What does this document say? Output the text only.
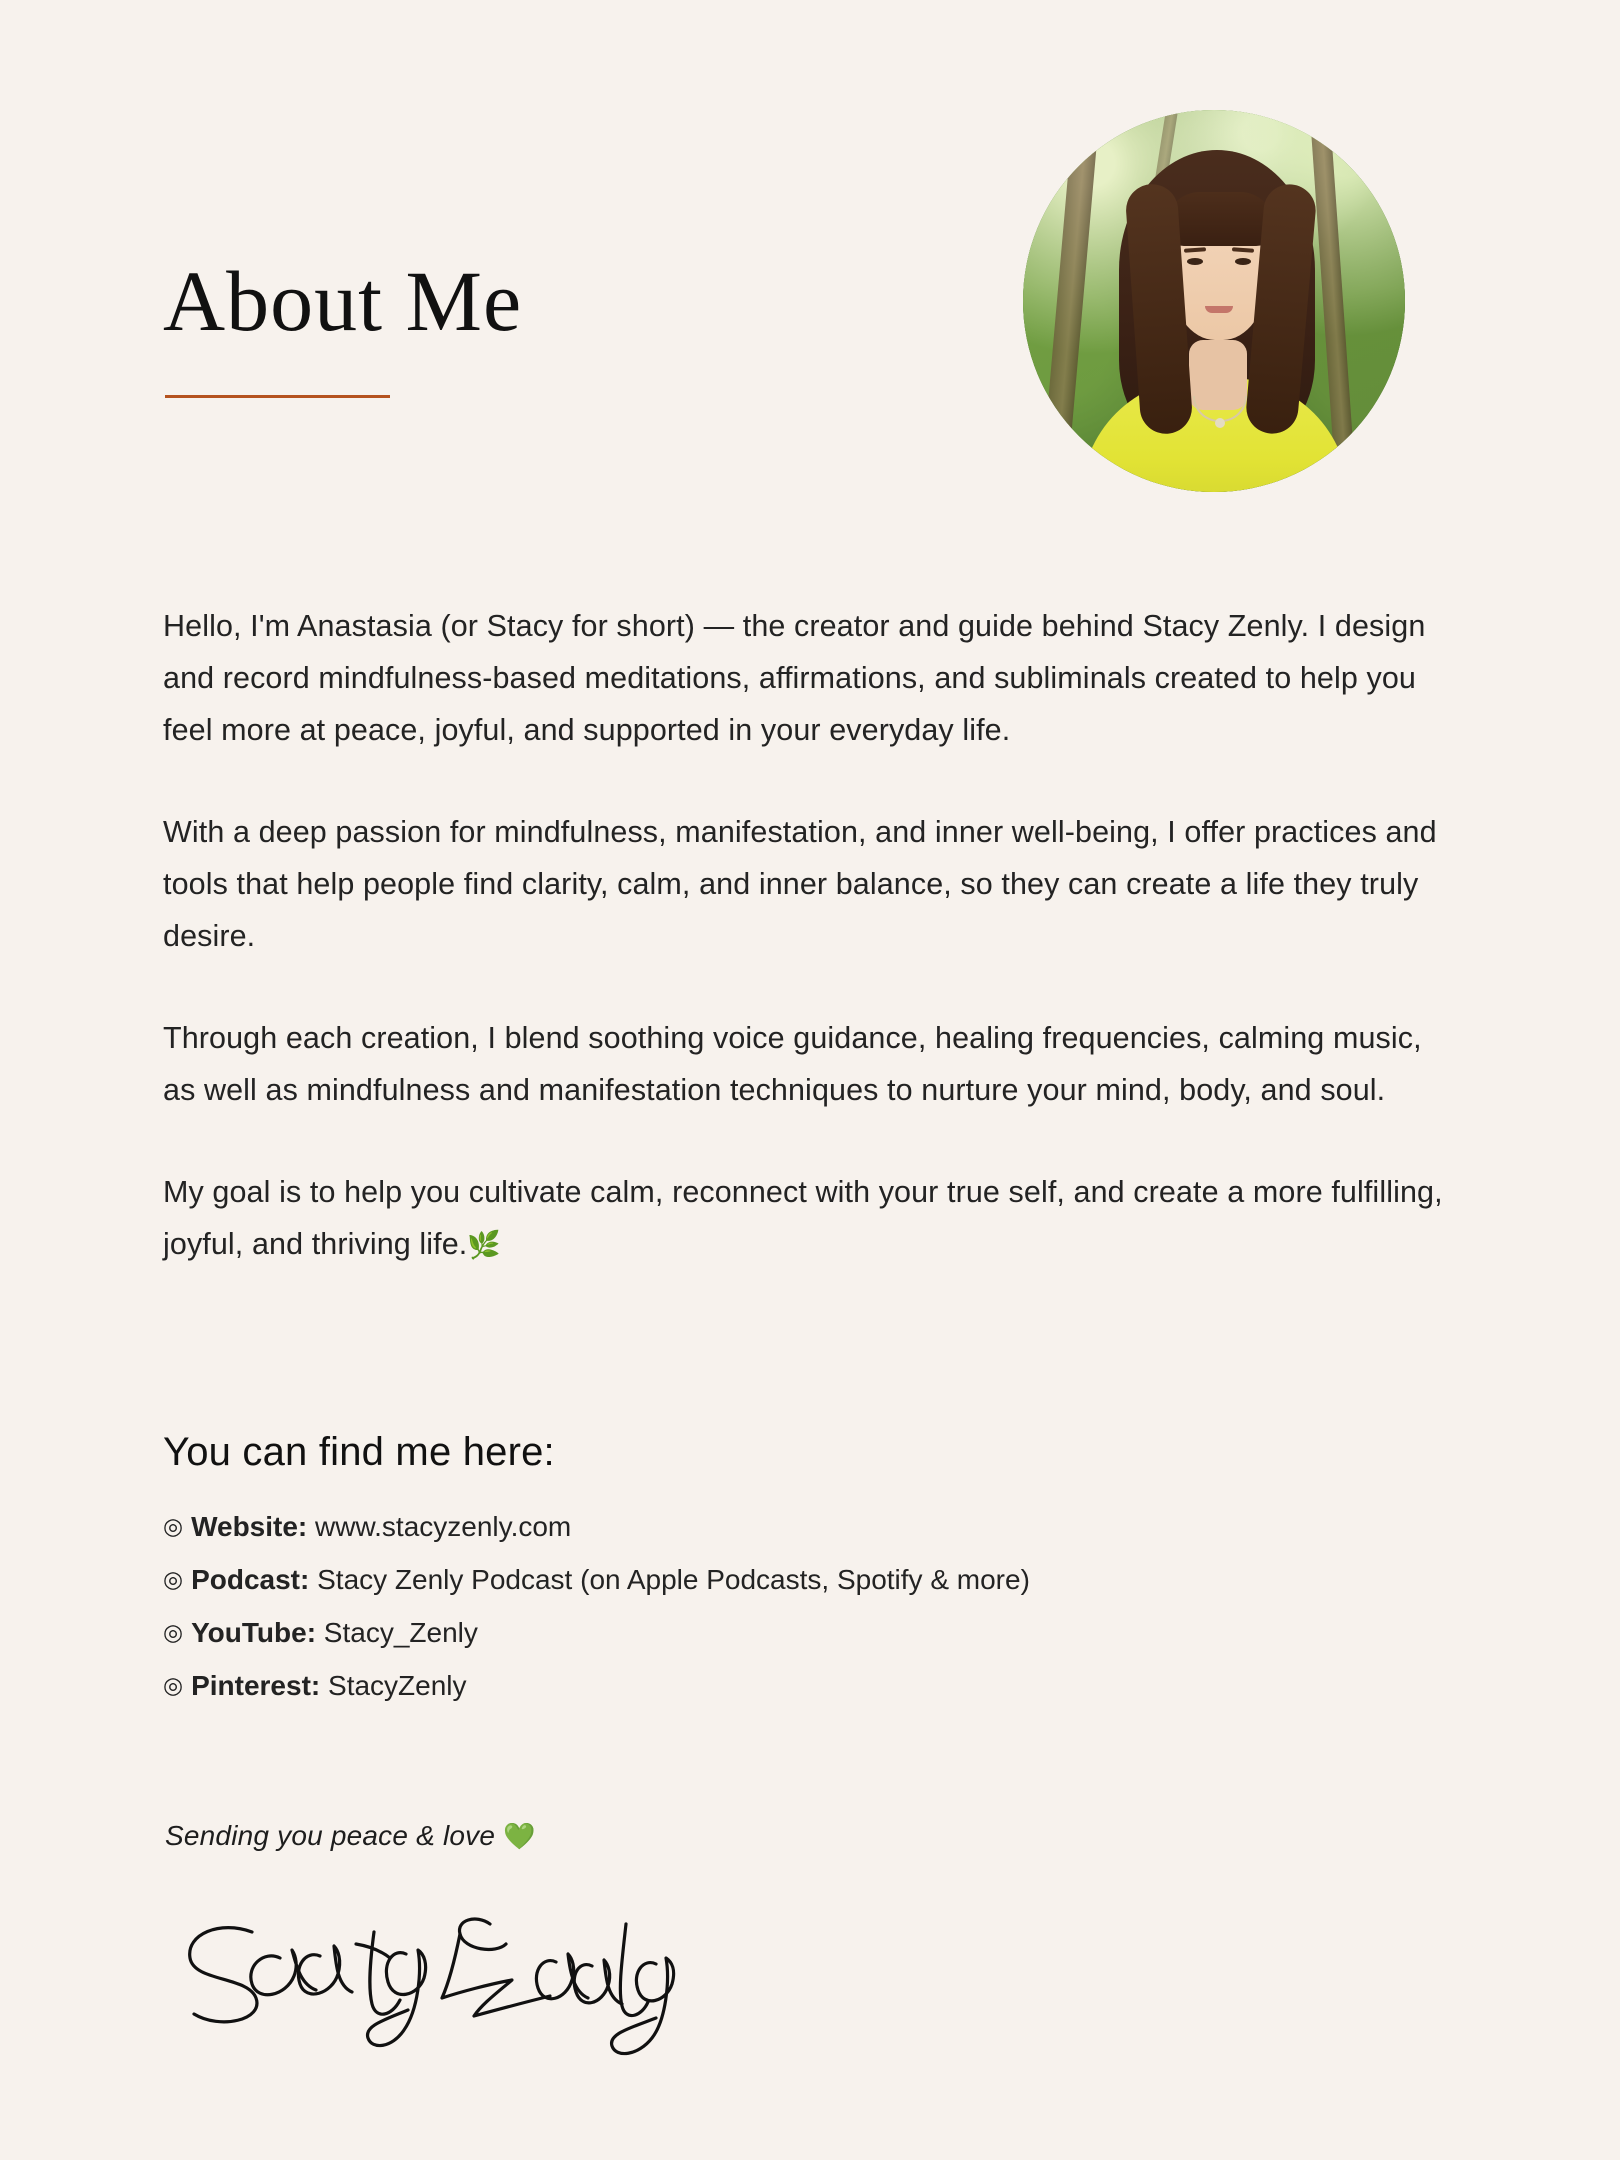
About Me

Hello, I'm Anastasia (or Stacy for short) — the creator and guide behind Stacy Zenly. I design and record mindfulness-based meditations, affirmations, and subliminals created to help you feel more at peace, joyful, and supported in your everyday life.

With a deep passion for mindfulness, manifestation, and inner well-being, I offer practices and tools that help people find clarity, calm, and inner balance, so they can create a life they truly desire.

Through each creation, I blend soothing voice guidance, healing frequencies, calming music, as well as mindfulness and manifestation techniques to nurture your mind, body, and soul.

My goal is to help you cultivate calm, reconnect with your true self, and create a more fulfilling, joyful, and thriving life.🌿

You can find me here:
◎ Website: www.stacyzenly.com
◎ Podcast: Stacy Zenly Podcast (on Apple Podcasts, Spotify & more)
◎ YouTube: Stacy_Zenly
◎ Pinterest: StacyZenly
Sending you peace & love 💚
